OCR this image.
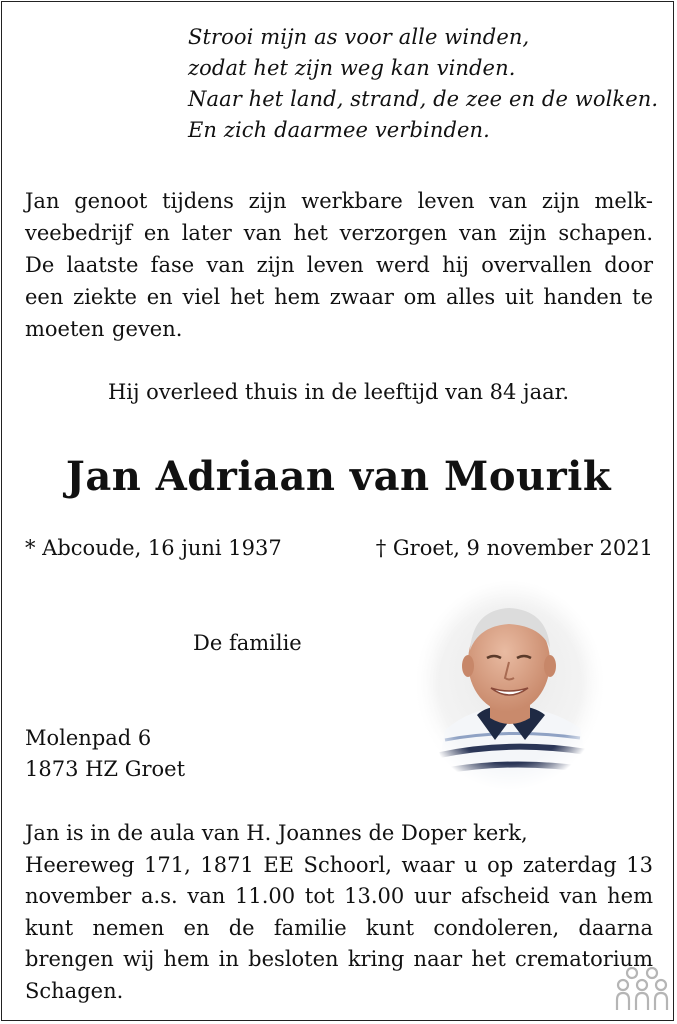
Strooi mijn as voor alle winden,
zodat het zijn weg kan vinden.
Naar het land, strand, de zee en de wolken.
En zich daarmee verbinden.
Jan genoot tijdens zijn werkbare leven van zijn melk-veebedrijf en later van het verzorgen van zijn schapen. De laatste fase van zijn leven werd hij overvallen door een ziekte en viel het hem zwaar om alles uit handen te moeten geven.
Hij overleed thuis in de leeftijd van 84 jaar.
Jan Adriaan van Mourik
* Abcoude, 16 juni 1937	† Groet, 9 november 2021
De familie
Molenpad 6
1873 HZ Groet
Jan is in de aula van H. Joannes de Doper kerk,
Heereweg 171, 1871 EE Schoorl, waar u op zaterdag 13 november a.s. van 11.00 tot 13.00 uur afscheid van hem kunt nemen en de familie kunt condoleren, daarna brengen wij hem in besloten kring naar het crematorium Schagen.
